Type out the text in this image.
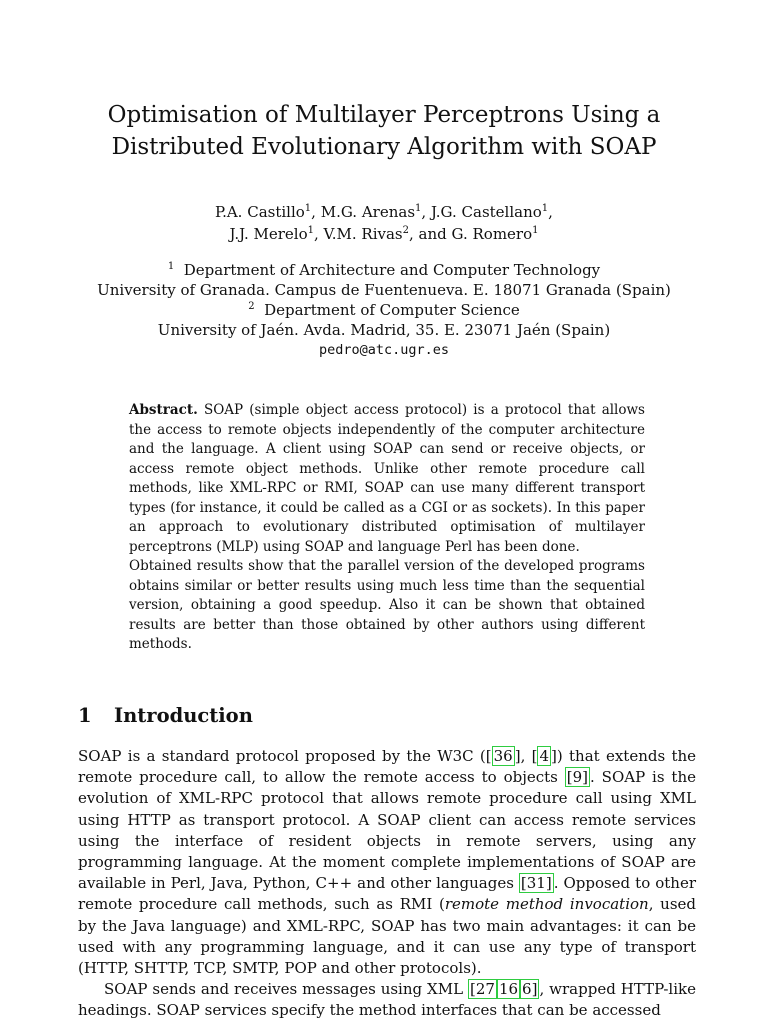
Optimisation of Multilayer Perceptrons Using a
Distributed Evolutionary Algorithm with SOAP
P.A. Castillo$^1$, M.G. Arenas$^1$, J.G. Castellano$^1$,
J.J. Merelo$^1$, V.M. Rivas$^2$, and G. Romero$^1$
$^1$ Department of Architecture and Computer Technology
University of Granada. Campus de Fuentenueva. E. 18071 Granada (Spain)
$^2$ Department of Computer Science
University of Jaén. Avda. Madrid, 35. E. 23071 Jaén (Spain)
pedro@atc.ugr.es

Abstract. SOAP (simple object access protocol) is a protocol that allows the access to remote objects independently of the computer architecture and the language. A client using SOAP can send or receive objects, or access remote object methods. Unlike other remote procedure call methods, like XML-RPC or RMI, SOAP can use many different transport types (for instance, it could be called as a CGI or as sockets). In this paper an approach to evolutionary distributed optimisation of multilayer perceptrons (MLP) using SOAP and language Perl has been done.

Obtained results show that the parallel version of the developed programs obtains similar or better results using much less time than the sequential version, obtaining a good speedup. Also it can be shown that obtained results are better than those obtained by other authors using different methods.

1 Introduction

SOAP is a standard protocol proposed by the W3C ([ 36 ], [ 4 ]) that extends the remote procedure call, to allow the remote access to objects [9] . SOAP is the evolution of XML-RPC protocol that allows remote procedure call using XML using HTTP as transport protocol. A SOAP client can access remote services using the interface of resident objects in remote servers, using any programming language. At the moment complete implementations of SOAP are available in Perl, Java, Python, C++ and other languages [31] . Opposed to other remote procedure call methods, such as RMI (remote method invocation, used by the Java language) and XML-RPC, SOAP has two main advantages: it can be used with any programming language, and it can use any type of transport (HTTP, SHTTP, TCP, SMTP, POP and other protocols).

SOAP sends and receives messages using XML [27 16 6] , wrapped HTTP-like headings. SOAP services specify the method interfaces that can be accessed
